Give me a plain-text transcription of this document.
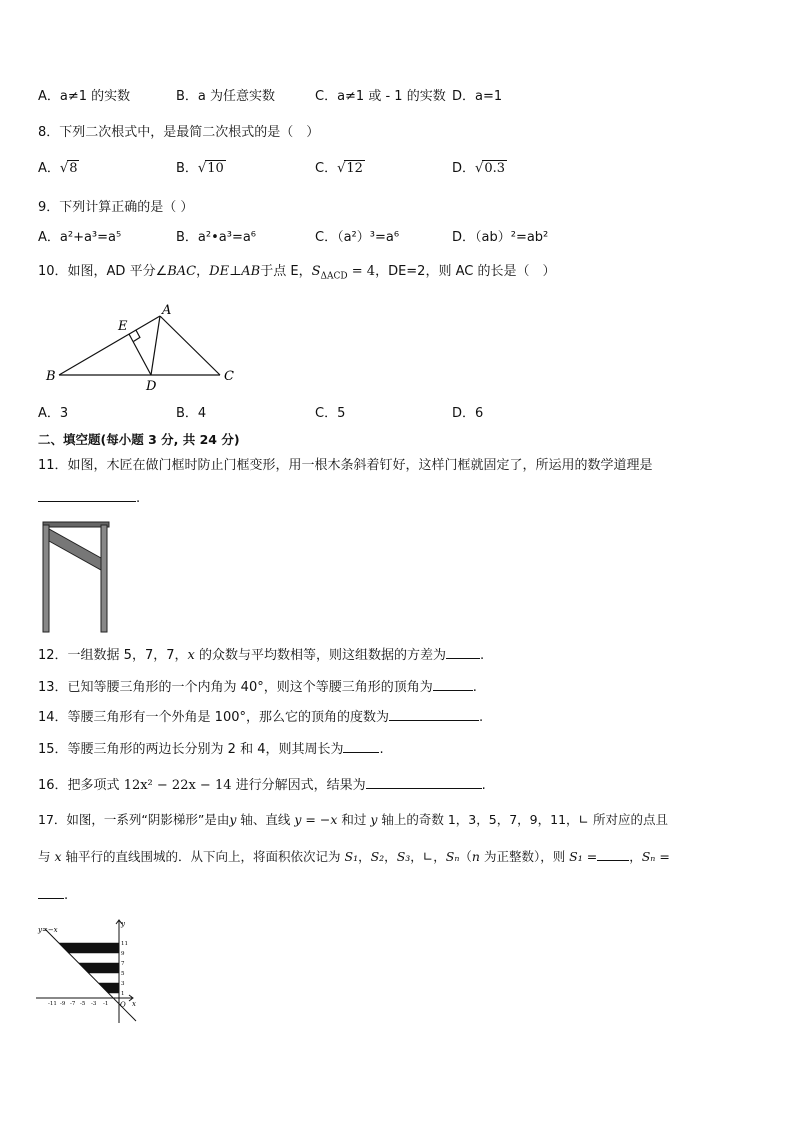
A．a≠1 的实数	B．a 为任意实数	C．a≠1 或 - 1 的实数 D．a=1
8．下列二次根式中，是最简二次根式的是（　）
A．√8	B．√10	C．√12	D．√0.3
9．下列计算正确的是（ ）
A．a²+a³=a⁵	B．a²•a³=a⁶	C．（a²）³=a⁶	D．（ab）²=ab²
10．如图，AD 平分∠BAC，DE⊥AB于点 E，$S_{\Delta ACD} = 4$，DE=2，则 AC 的长是（　）
A
B	C
D
E
A．3	B．4	C．5	D．6
二、填空题(每小题 3 分, 共 24 分)
11．如图，木匠在做门框时防止门框变形，用一根木条斜着钉好，这样门框就固定了，所运用的数学道理是
.
12．一组数据 5，7，7，x 的众数与平均数相等，则这组数据的方差为	.
13．已知等腰三角形的一个内角为 40°，则这个等腰三角形的顶角为	.
14．等腰三角形有一个外角是 100°，那么它的顶角的度数为	.
15．等腰三角形的两边长分别为 2 和 4，则其周长为	.
16．把多项式 12x² − 22x − 14 进行分解因式，结果为	.
17．如图，一系列“阴影梯形”是由y 轴、直线 y = −x 和过 y 轴上的奇数 1，3，5，7，9，11，∟ 所对应的点且
与 x 轴平行的直线围城的．从下向上，将面积依次记为 S₁，S₂，S₃，∟，Sₙ（n 为正整数），则 S₁ =	，Sₙ =
.
y=−x
y
x
O
11
9
7
5
3
1
-11 -9 -7 -5 -3 -1
